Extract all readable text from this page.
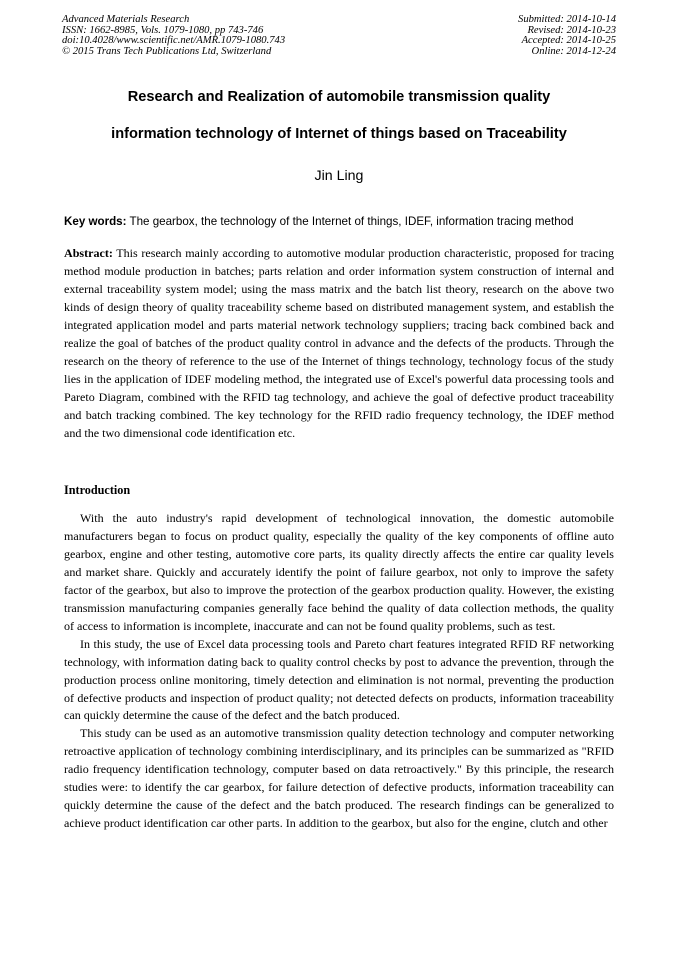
Advanced Materials Research
ISSN: 1662-8985, Vols. 1079-1080, pp 743-746
doi:10.4028/www.scientific.net/AMR.1079-1080.743
© 2015 Trans Tech Publications Ltd, Switzerland
Submitted: 2014-10-14
Revised: 2014-10-23
Accepted: 2014-10-25
Online: 2014-12-24
Research and Realization of automobile transmission quality
information technology of Internet of things based on Traceability
Jin Ling
Key words: The gearbox, the technology of the Internet of things, IDEF, information tracing method
Abstract: This research mainly according to automotive modular production characteristic, proposed for tracing method module production in batches; parts relation and order information system construction of internal and external traceability system model; using the mass matrix and the batch list theory, research on the above two kinds of design theory of quality traceability scheme based on distributed management system, and establish the integrated application model and parts material network technology suppliers; tracing back combined back and realize the goal of batches of the product quality control in advance and the defects of the products. Through the research on the theory of reference to the use of the Internet of things technology, technology focus of the study lies in the application of IDEF modeling method, the integrated use of Excel's powerful data processing tools and Pareto Diagram, combined with the RFID tag technology, and achieve the goal of defective product traceability and batch tracking combined. The key technology for the RFID radio frequency technology, the IDEF method and the two dimensional code identification etc.
Introduction

With the auto industry's rapid development of technological innovation, the domestic automobile manufacturers began to focus on product quality, especially the quality of the key components of offline auto gearbox, engine and other testing, automotive core parts, its quality directly affects the entire car quality levels and market share. Quickly and accurately identify the point of failure gearbox, not only to improve the safety factor of the gearbox, but also to improve the protection of the gearbox production quality. However, the existing transmission manufacturing companies generally face behind the quality of data collection methods, the quality of access to information is incomplete, inaccurate and can not be found quality problems, such as test.

In this study, the use of Excel data processing tools and Pareto chart features integrated RFID RF networking technology, with information dating back to quality control checks by post to advance the prevention, through the production process online monitoring, timely detection and elimination is not normal, preventing the production of defective products and inspection of product quality; not detected defects on products, information traceability can quickly determine the cause of the defect and the batch produced.

This study can be used as an automotive transmission quality detection technology and computer networking retroactive application of technology combining interdisciplinary, and its principles can be summarized as "RFID radio frequency identification technology, computer based on data retroactively." By this principle, the research studies were: to identify the car gearbox, for failure detection of defective products, information traceability can quickly determine the cause of the defect and the batch produced. The research findings can be generalized to achieve product identification car other parts. In addition to the gearbox, but also for the engine, clutch and other
